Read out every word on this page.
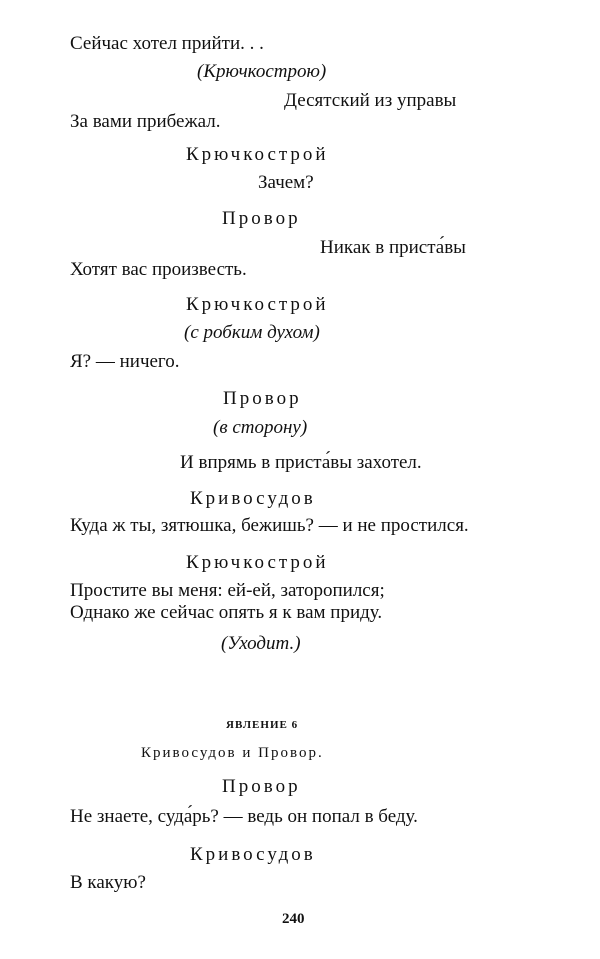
Сейчас хотел прийти. . .
(Крючкострою)
Десятский из управы
За вами прибежал.
Крючкострой
Зачем?
Провор
Никак в приста́вы
Хотят вас произвесть.
Крючкострой
(с робким духом)
Я? — ничего.
Провор
(в сторону)
И впрямь в приста́вы захотел.
Кривосудов
Куда ж ты, зятюшка, бежишь? — и не простился.
Крючкострой
Простите вы меня: ей-ей, заторопился;
Однако же сейчас опять я к вам приду.
(Уходит.)
ЯВЛЕНИЕ 6
Кривосудов и Провор.
Провор
Не знаете, суда́рь? — ведь он попал в беду.
Кривосудов
В какую?
240
